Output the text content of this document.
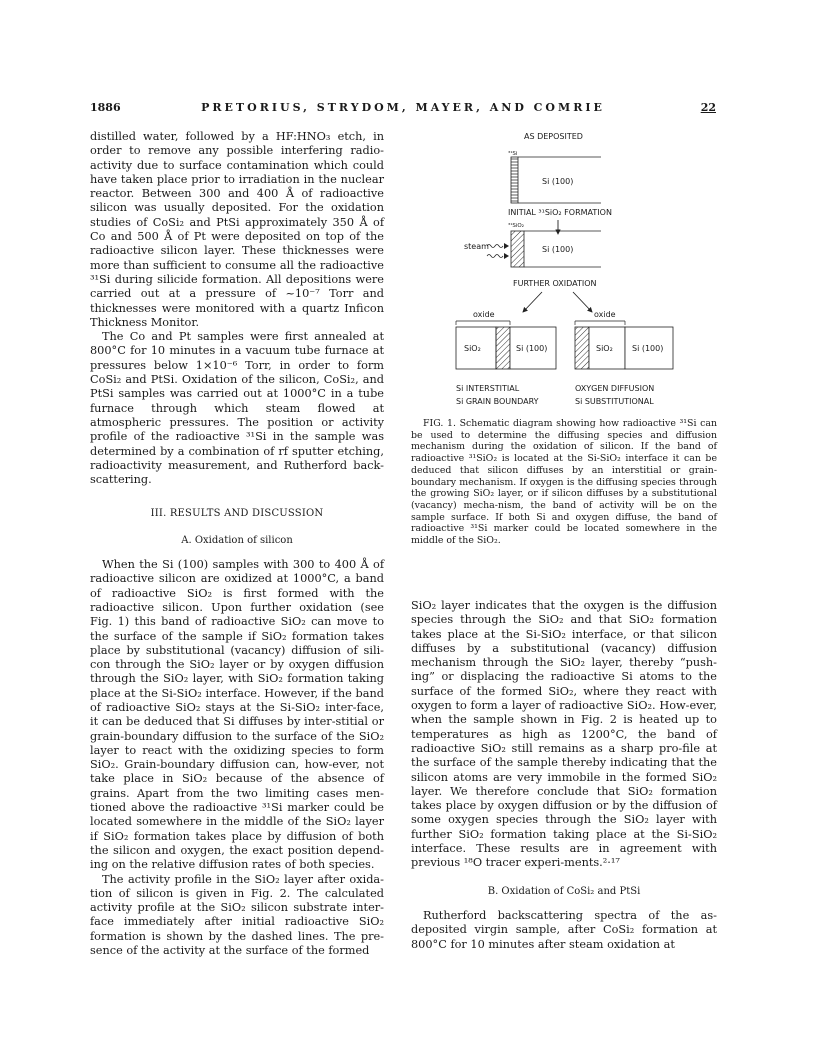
1886	PRETORIUS, STRYDOM, MAYER, AND COMRIE	22

distilled water, followed by a HF:HNO₃ etch, in order to remove any possible interfering radio-activity due to surface contamination which could have taken place prior to irradiation in the nuclear reactor. Between 300 and 400 Å of radioactive silicon was usually deposited. For the oxidation studies of CoSi₂ and PtSi approximately 350 Å of Co and 500 Å of Pt were deposited on top of the radioactive silicon layer. These thicknesses were more than sufficient to consume all the radioactive ³¹Si during silicide formation. All depositions were carried out at a pressure of ~10⁻⁷ Torr and thicknesses were monitored with a quartz Inficon Thickness Monitor.

The Co and Pt samples were first annealed at 800°C for 10 minutes in a vacuum tube furnace at pressures below 1×10⁻⁶ Torr, in order to form CoSi₂ and PtSi. Oxidation of the silicon, CoSi₂, and PtSi samples was carried out at 1000°C in a tube furnace through which steam flowed at atmospheric pressures. The position or activity profile of the radioactive ³¹Si in the sample was determined by a combination of rf sputter etching, radioactivity measurement, and Rutherford back-scattering.

III. RESULTS AND DISCUSSION
A. Oxidation of silicon

When the Si (100) samples with 300 to 400 Å of radioactive silicon are oxidized at 1000°C, a band of radioactive SiO₂ is first formed with the radioactive silicon. Upon further oxidation (see Fig. 1) this band of radioactive SiO₂ can move to the surface of the sample if SiO₂ formation takes place by substitutional (vacancy) diffusion of sili-con through the SiO₂ layer or by oxygen diffusion through the SiO₂ layer, with SiO₂ formation taking place at the Si-SiO₂ interface. However, if the band of radioactive SiO₂ stays at the Si-SiO₂ inter-face, it can be deduced that Si diffuses by inter-stitial or grain-boundary diffusion to the surface of the SiO₂ layer to react with the oxidizing species to form SiO₂. Grain-boundary diffusion can, how-ever, not take place in SiO₂ because of the absence of grains. Apart from the two limiting cases men-tioned above the radioactive ³¹Si marker could be located somewhere in the middle of the SiO₂ layer if SiO₂ formation takes place by diffusion of both the silicon and oxygen, the exact position depend-ing on the relative diffusion rates of both species.

The activity profile in the SiO₂ layer after oxida-tion of silicon is given in Fig. 2. The calculated activity profile at the SiO₂ silicon substrate inter-face immediately after initial radioactive SiO₂ formation is shown by the dashed lines. The pre-sence of the activity at the surface of the formed

AS DEPOSITED
³¹Si
Si (100)
INITIAL ³¹SiO₂ FORMATION
³¹SiO₂
Si (100)
steam
FURTHER OXIDATION
oxide
SiO₂	Si (100)
oxide
SiO₂ Si (100)
Si INTERSTITIAL
Si GRAIN BOUNDARY
OXYGEN DIFFUSION
Si SUBSTITUTIONAL

FIG. 1. Schematic diagram showing how radioactive ³¹Si can be used to determine the diffusing species and diffusion mechanism during the oxidation of silicon. If the band of radioactive ³¹SiO₂ is located at the Si-SiO₂ interface it can be deduced that silicon diffuses by an interstitial or grain-boundary mechanism. If oxygen is the diffusing species through the growing SiO₂ layer, or if silicon diffuses by a substitutional (vacancy) mecha-nism, the band of activity will be on the sample surface. If both Si and oxygen diffuse, the band of radioactive ³¹Si marker could be located somewhere in the middle of the SiO₂.

SiO₂ layer indicates that the oxygen is the diffusion species through the SiO₂ and that SiO₂ formation takes place at the Si-SiO₂ interface, or that silicon diffuses by a substitutional (vacancy) diffusion mechanism through the SiO₂ layer, thereby “push-ing” or displacing the radioactive Si atoms to the surface of the formed SiO₂, where they react with oxygen to form a layer of radioactive SiO₂. How-ever, when the sample shown in Fig. 2 is heated up to temperatures as high as 1200°C, the band of radioactive SiO₂ still remains as a sharp pro-file at the surface of the sample thereby indicating that the silicon atoms are very immobile in the formed SiO₂ layer. We therefore conclude that SiO₂ formation takes place by oxygen diffusion or by the diffusion of some oxygen species through the SiO₂ layer with further SiO₂ formation taking place at the Si-SiO₂ interface. These results are in agreement with previous ¹⁸O tracer experi-ments.²·¹⁷

B. Oxidation of CoSi₂ and PtSi

Rutherford backscattering spectra of the as-deposited virgin sample, after CoSi₂ formation at 800°C for 10 minutes after steam oxidation at
